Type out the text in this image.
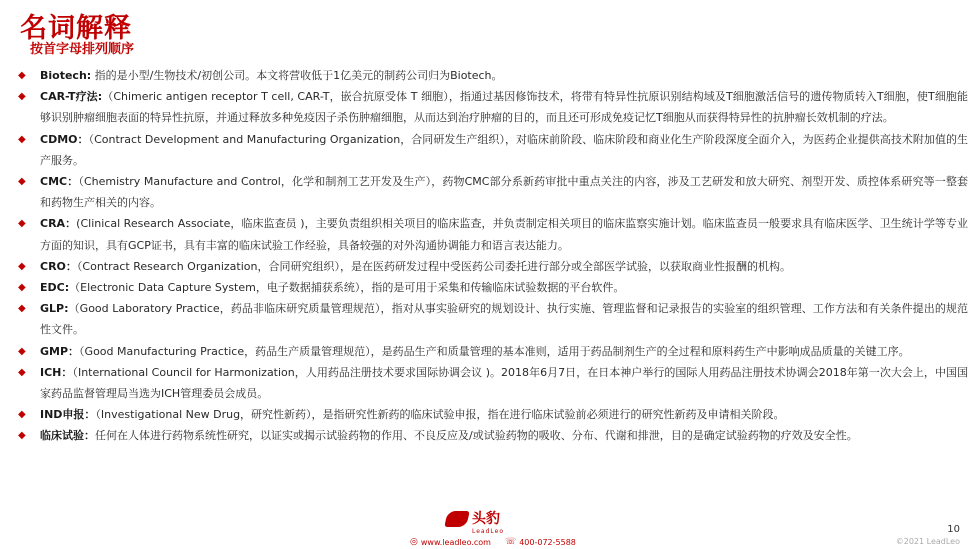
名词解释
按首字母排列顺序
◆	Biotech: 指的是小型/生物技术/初创公司。本文将营收低于1亿美元的制药公司归为Biotech。
◆	CAR-T疗法:（Chimeric antigen receptor T cell, CAR-T，嵌合抗原受体 T 细胞），指通过基因修饰技术，将带有特异性抗原识别结构域及T细胞激活信号的遗传物质转入T细胞，使T细胞能够识别肿瘤细胞表面的特异性抗原，并通过释放多种免疫因子杀伤肿瘤细胞，从而达到治疗肿瘤的目的，而且还可形成免疫记忆T细胞从而获得特异性的抗肿瘤长效机制的疗法。
◆	CDMO：（Contract Development and Manufacturing Organization，合同研发生产组织），对临床前阶段、临床阶段和商业化生产阶段深度全面介入，为医药企业提供高技术附加值的生产服务。
◆	CMC：（Chemistry Manufacture and Control，化学和制剂工艺开发及生产），药物CMC部分系新药审批中重点关注的内容，涉及工艺研发和放大研究、剂型开发、质控体系研究等一整套和药物生产相关的内容。
◆	CRA：(Clinical Research Associate，临床监查员 )，主要负责组织相关项目的临床监查，并负责制定相关项目的临床监察实施计划。临床监查员一般要求具有临床医学、卫生统计学等专业方面的知识，具有GCP证书，具有丰富的临床试验工作经验，具备较强的对外沟通协调能力和语言表达能力。
◆	CRO：（Contract Research Organization，合同研究组织），是在医药研发过程中受医药公司委托进行部分或全部医学试验，以获取商业性报酬的机构。
◆	EDC:（Electronic Data Capture System，电子数据捕获系统），指的是可用于采集和传输临床试验数据的平台软件。
◆	GLP:（Good Laboratory Practice，药品非临床研究质量管理规范），指对从事实验研究的规划设计、执行实施、管理监督和记录报告的实验室的组织管理、工作方法和有关条件提出的规范性文件。
◆	GMP：（Good Manufacturing Practice，药品生产质量管理规范），是药品生产和质量管理的基本准则，适用于药品制剂生产的全过程和原料药生产中影响成品质量的关键工序。
◆	ICH：（International Council for Harmonization，人用药品注册技术要求国际协调会议 )。2018年6月7日，在日本神户举行的国际人用药品注册技术协调会2018年第一次大会上，中国国家药品监督管理局当选为ICH管理委员会成员。
◆	IND申报：（Investigational New Drug，研究性新药），是指研究性新药的临床试验申报，指在进行临床试验前必须进行的研究性新药及申请相关阶段。
◆	临床试验：任何在人体进行药物系统性研究，以证实或揭示试验药物的作用、不良反应及/或试验药物的吸收、分布、代谢和排泄，目的是确定试验药物的疗效及安全性。
头豹
LeadLeo
◎ www.leadleo.com ☏ 400-072-5588
10
©2021 LeadLeo
